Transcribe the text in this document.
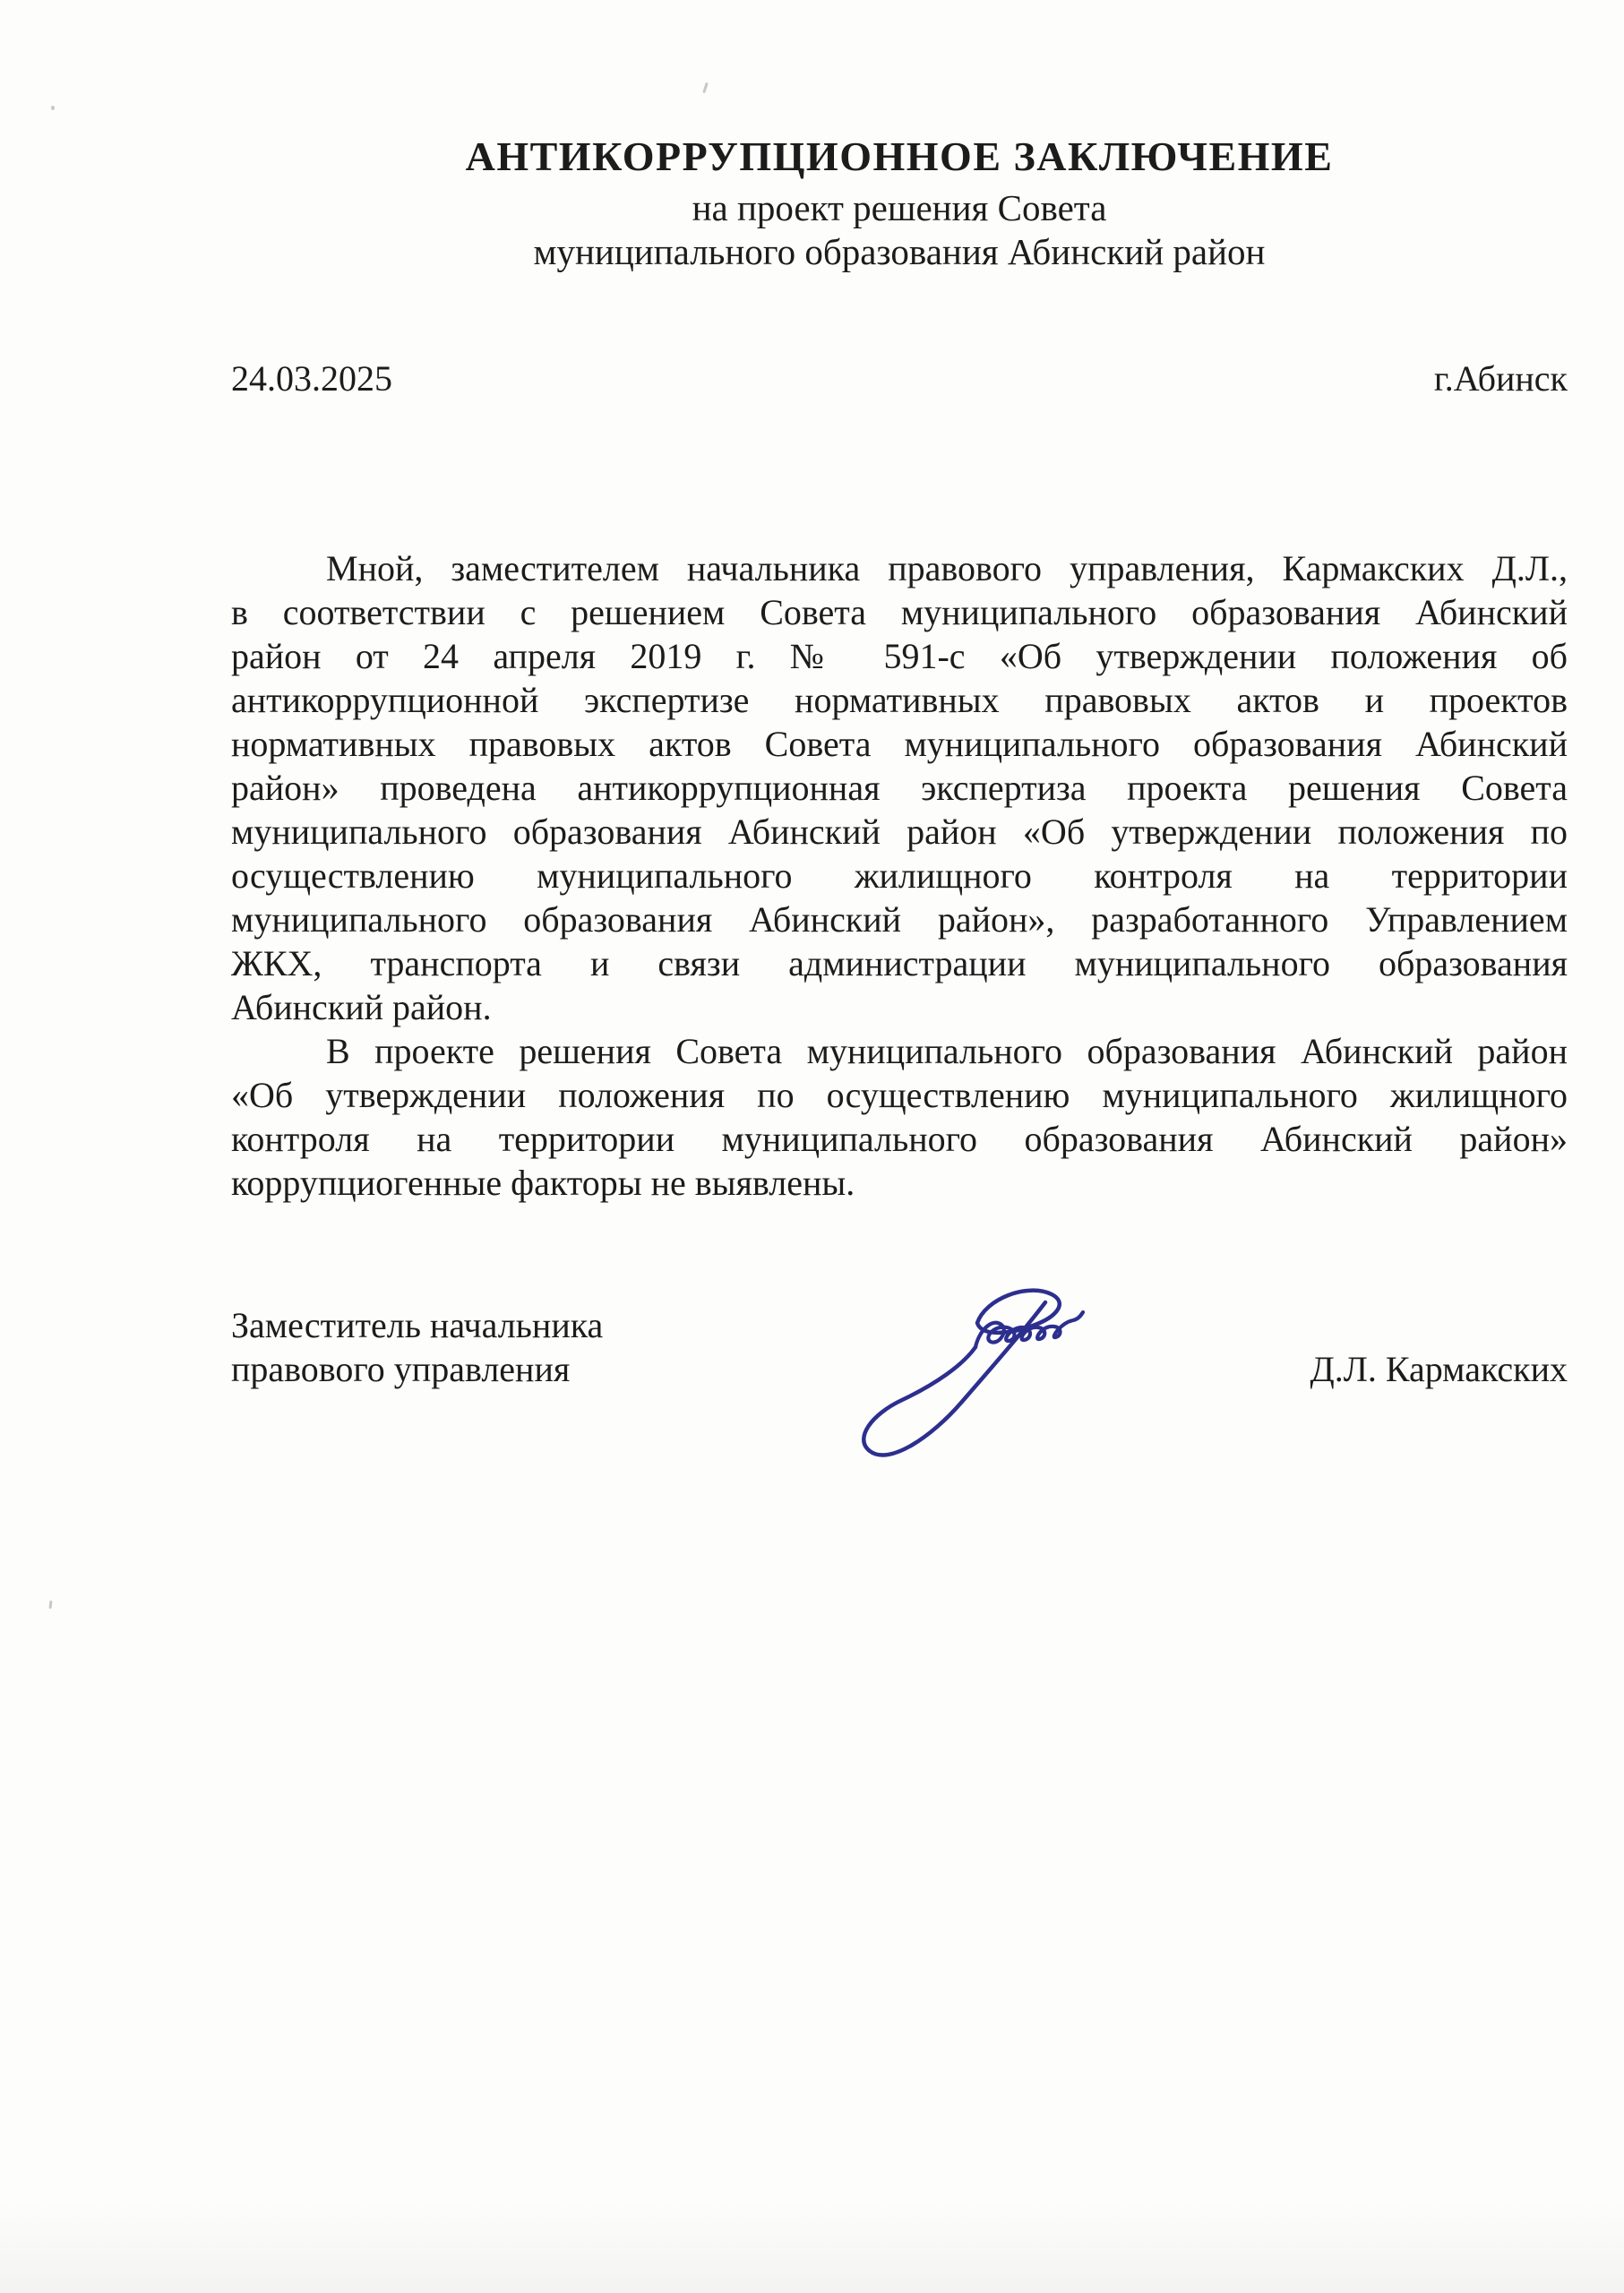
АНТИКОРРУПЦИОННОЕ ЗАКЛЮЧЕНИЕ
на проект решения Совета
муниципального образования Абинский район
24.03.2025	г.Абинск
Мной, заместителем начальника правового управления, Кармакских Д.Л.,
в соответствии с решением Совета муниципального образования Абинский
район от 24 апреля 2019 г. № 591-с «Об утверждении положения об
антикоррупционной экспертизе нормативных правовых актов и проектов
нормативных правовых актов Совета муниципального образования Абинский
район» проведена антикоррупционная экспертиза проекта решения Совета
муниципального образования Абинский район «Об утверждении положения по
осуществлению муниципального жилищного контроля на территории
муниципального образования Абинский район», разработанного Управлением
ЖКХ, транспорта и связи администрации муниципального образования
Абинский район.
В проекте решения Совета муниципального образования Абинский район
«Об утверждении положения по осуществлению муниципального жилищного
контроля на территории муниципального образования Абинский район»
коррупциогенные факторы не выявлены.
Заместитель начальника
правового управления	Д.Л. Кармакских
